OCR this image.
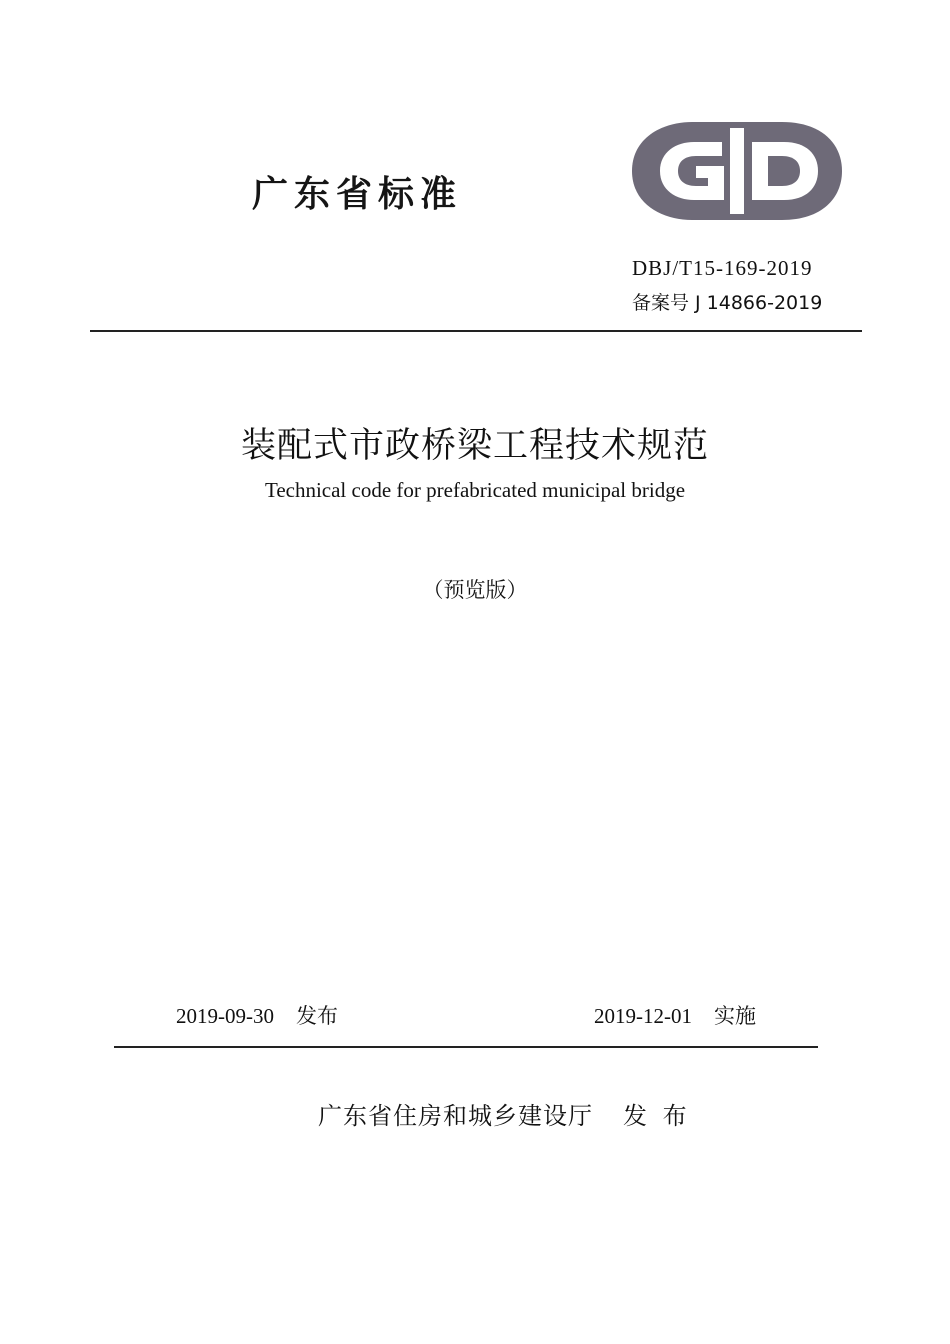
广东省标准
DBJ/T15-169-2019
备案号 J 14866-2019
装配式市政桥梁工程技术规范
Technical code for prefabricated municipal bridge
（预览版）
2019-09-30 发布	2019-12-01 实施
广东省住房和城乡建设厅 发 布
